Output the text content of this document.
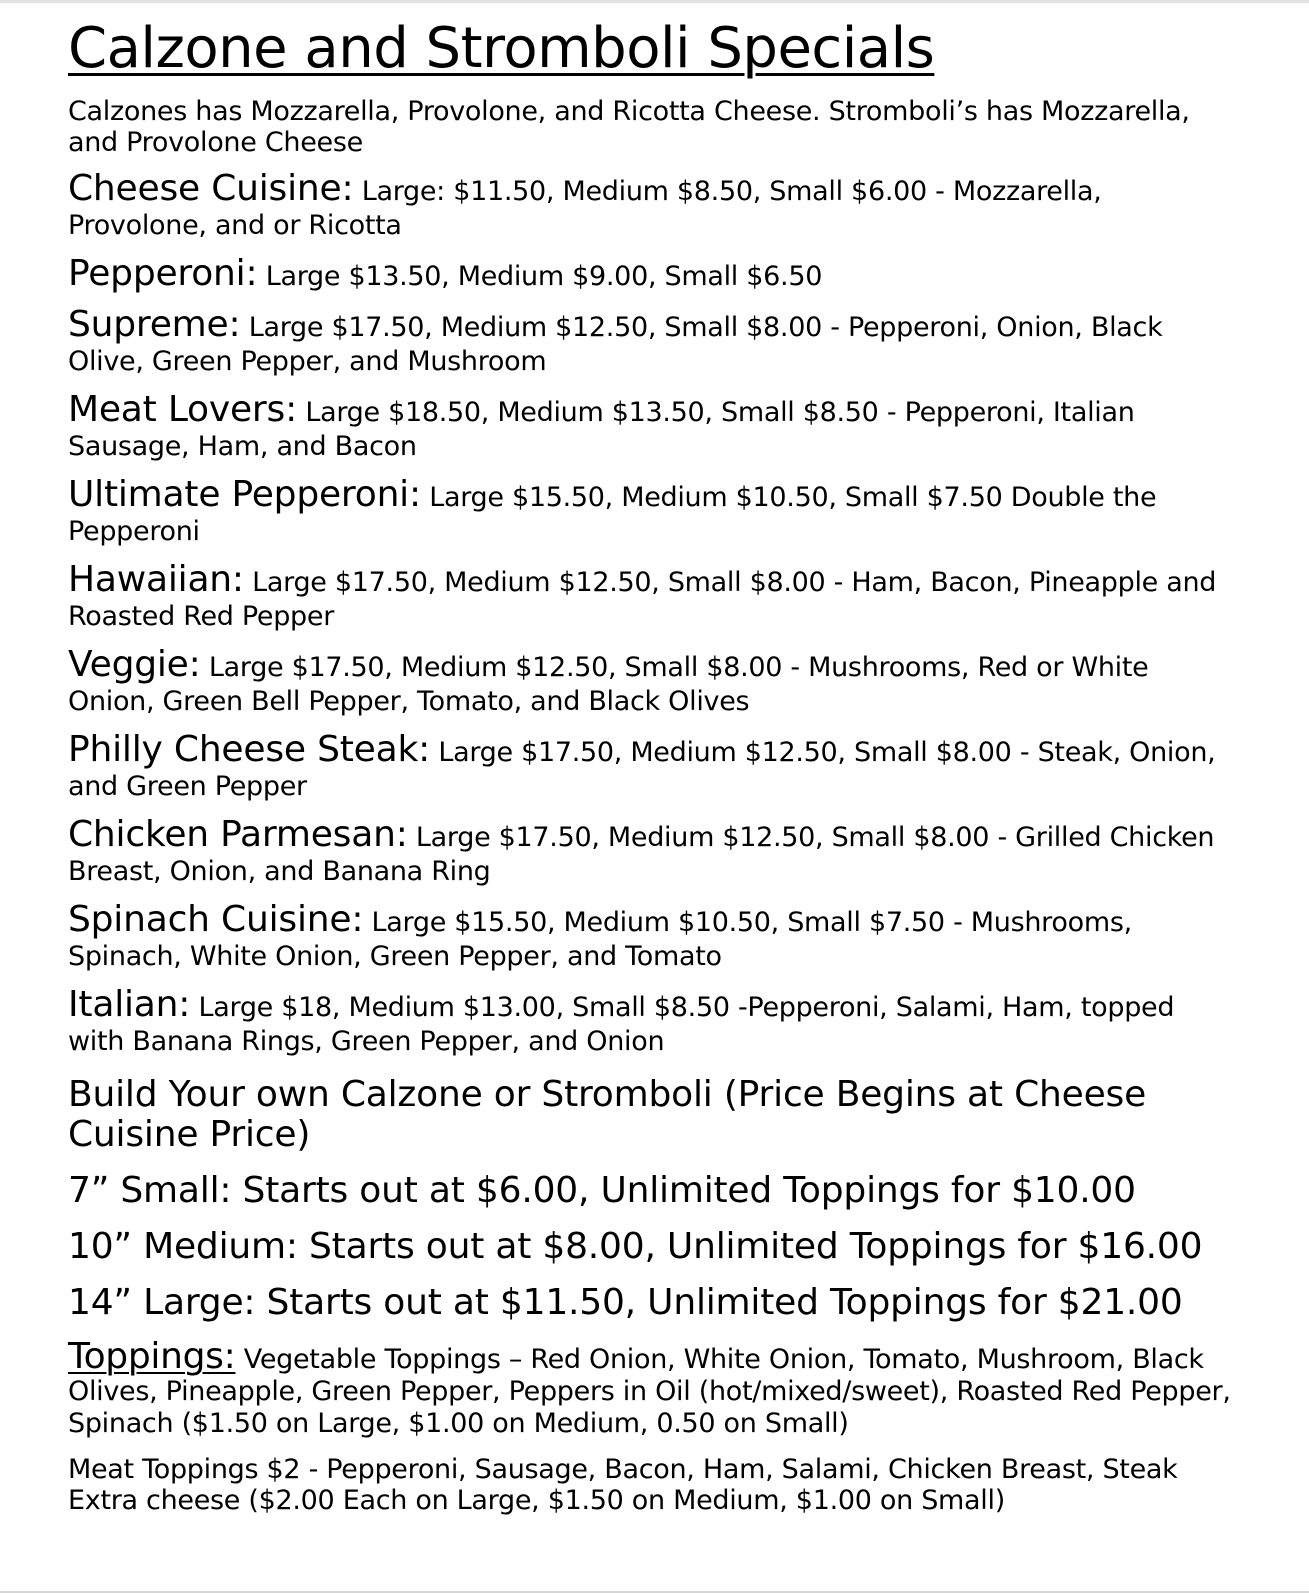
Calzone and Stromboli Specials
Calzones has Mozzarella, Provolone, and Ricotta Cheese. Stromboli’s has Mozzarella, and Provolone Cheese
Cheese Cuisine: Large: $11.50, Medium $8.50, Small $6.00 - Mozzarella, Provolone, and or Ricotta
Pepperoni: Large $13.50, Medium $9.00, Small $6.50
Supreme: Large $17.50, Medium $12.50, Small $8.00 - Pepperoni, Onion, Black Olive, Green Pepper, and Mushroom
Meat Lovers: Large $18.50, Medium $13.50, Small $8.50 - Pepperoni, Italian Sausage, Ham, and Bacon
Ultimate Pepperoni: Large $15.50, Medium $10.50, Small $7.50 Double the Pepperoni
Hawaiian: Large $17.50, Medium $12.50, Small $8.00 - Ham, Bacon, Pineapple and Roasted Red Pepper
Veggie: Large $17.50, Medium $12.50, Small $8.00 - Mushrooms, Red or White Onion, Green Bell Pepper, Tomato, and Black Olives
Philly Cheese Steak: Large $17.50, Medium $12.50, Small $8.00 - Steak, Onion, and Green Pepper
Chicken Parmesan: Large $17.50, Medium $12.50, Small $8.00 - Grilled Chicken Breast, Onion, and Banana Ring
Spinach Cuisine: Large $15.50, Medium $10.50, Small $7.50 - Mushrooms, Spinach, White Onion, Green Pepper, and Tomato
Italian: Large $18, Medium $13.00, Small $8.50 -Pepperoni, Salami, Ham, topped with Banana Rings, Green Pepper, and Onion
Build Your own Calzone or Stromboli (Price Begins at Cheese Cuisine Price)
7” Small: Starts out at $6.00, Unlimited Toppings for $10.00
10” Medium: Starts out at $8.00, Unlimited Toppings for $16.00
14” Large: Starts out at $11.50, Unlimited Toppings for $21.00
Toppings: Vegetable Toppings – Red Onion, White Onion, Tomato, Mushroom, Black Olives, Pineapple, Green Pepper, Peppers in Oil (hot/mixed/sweet), Roasted Red Pepper, Spinach ($1.50 on Large, $1.00 on Medium, 0.50 on Small)
Meat Toppings $2 - Pepperoni, Sausage, Bacon, Ham, Salami, Chicken Breast, Steak
Extra cheese ($2.00 Each on Large, $1.50 on Medium, $1.00 on Small)
